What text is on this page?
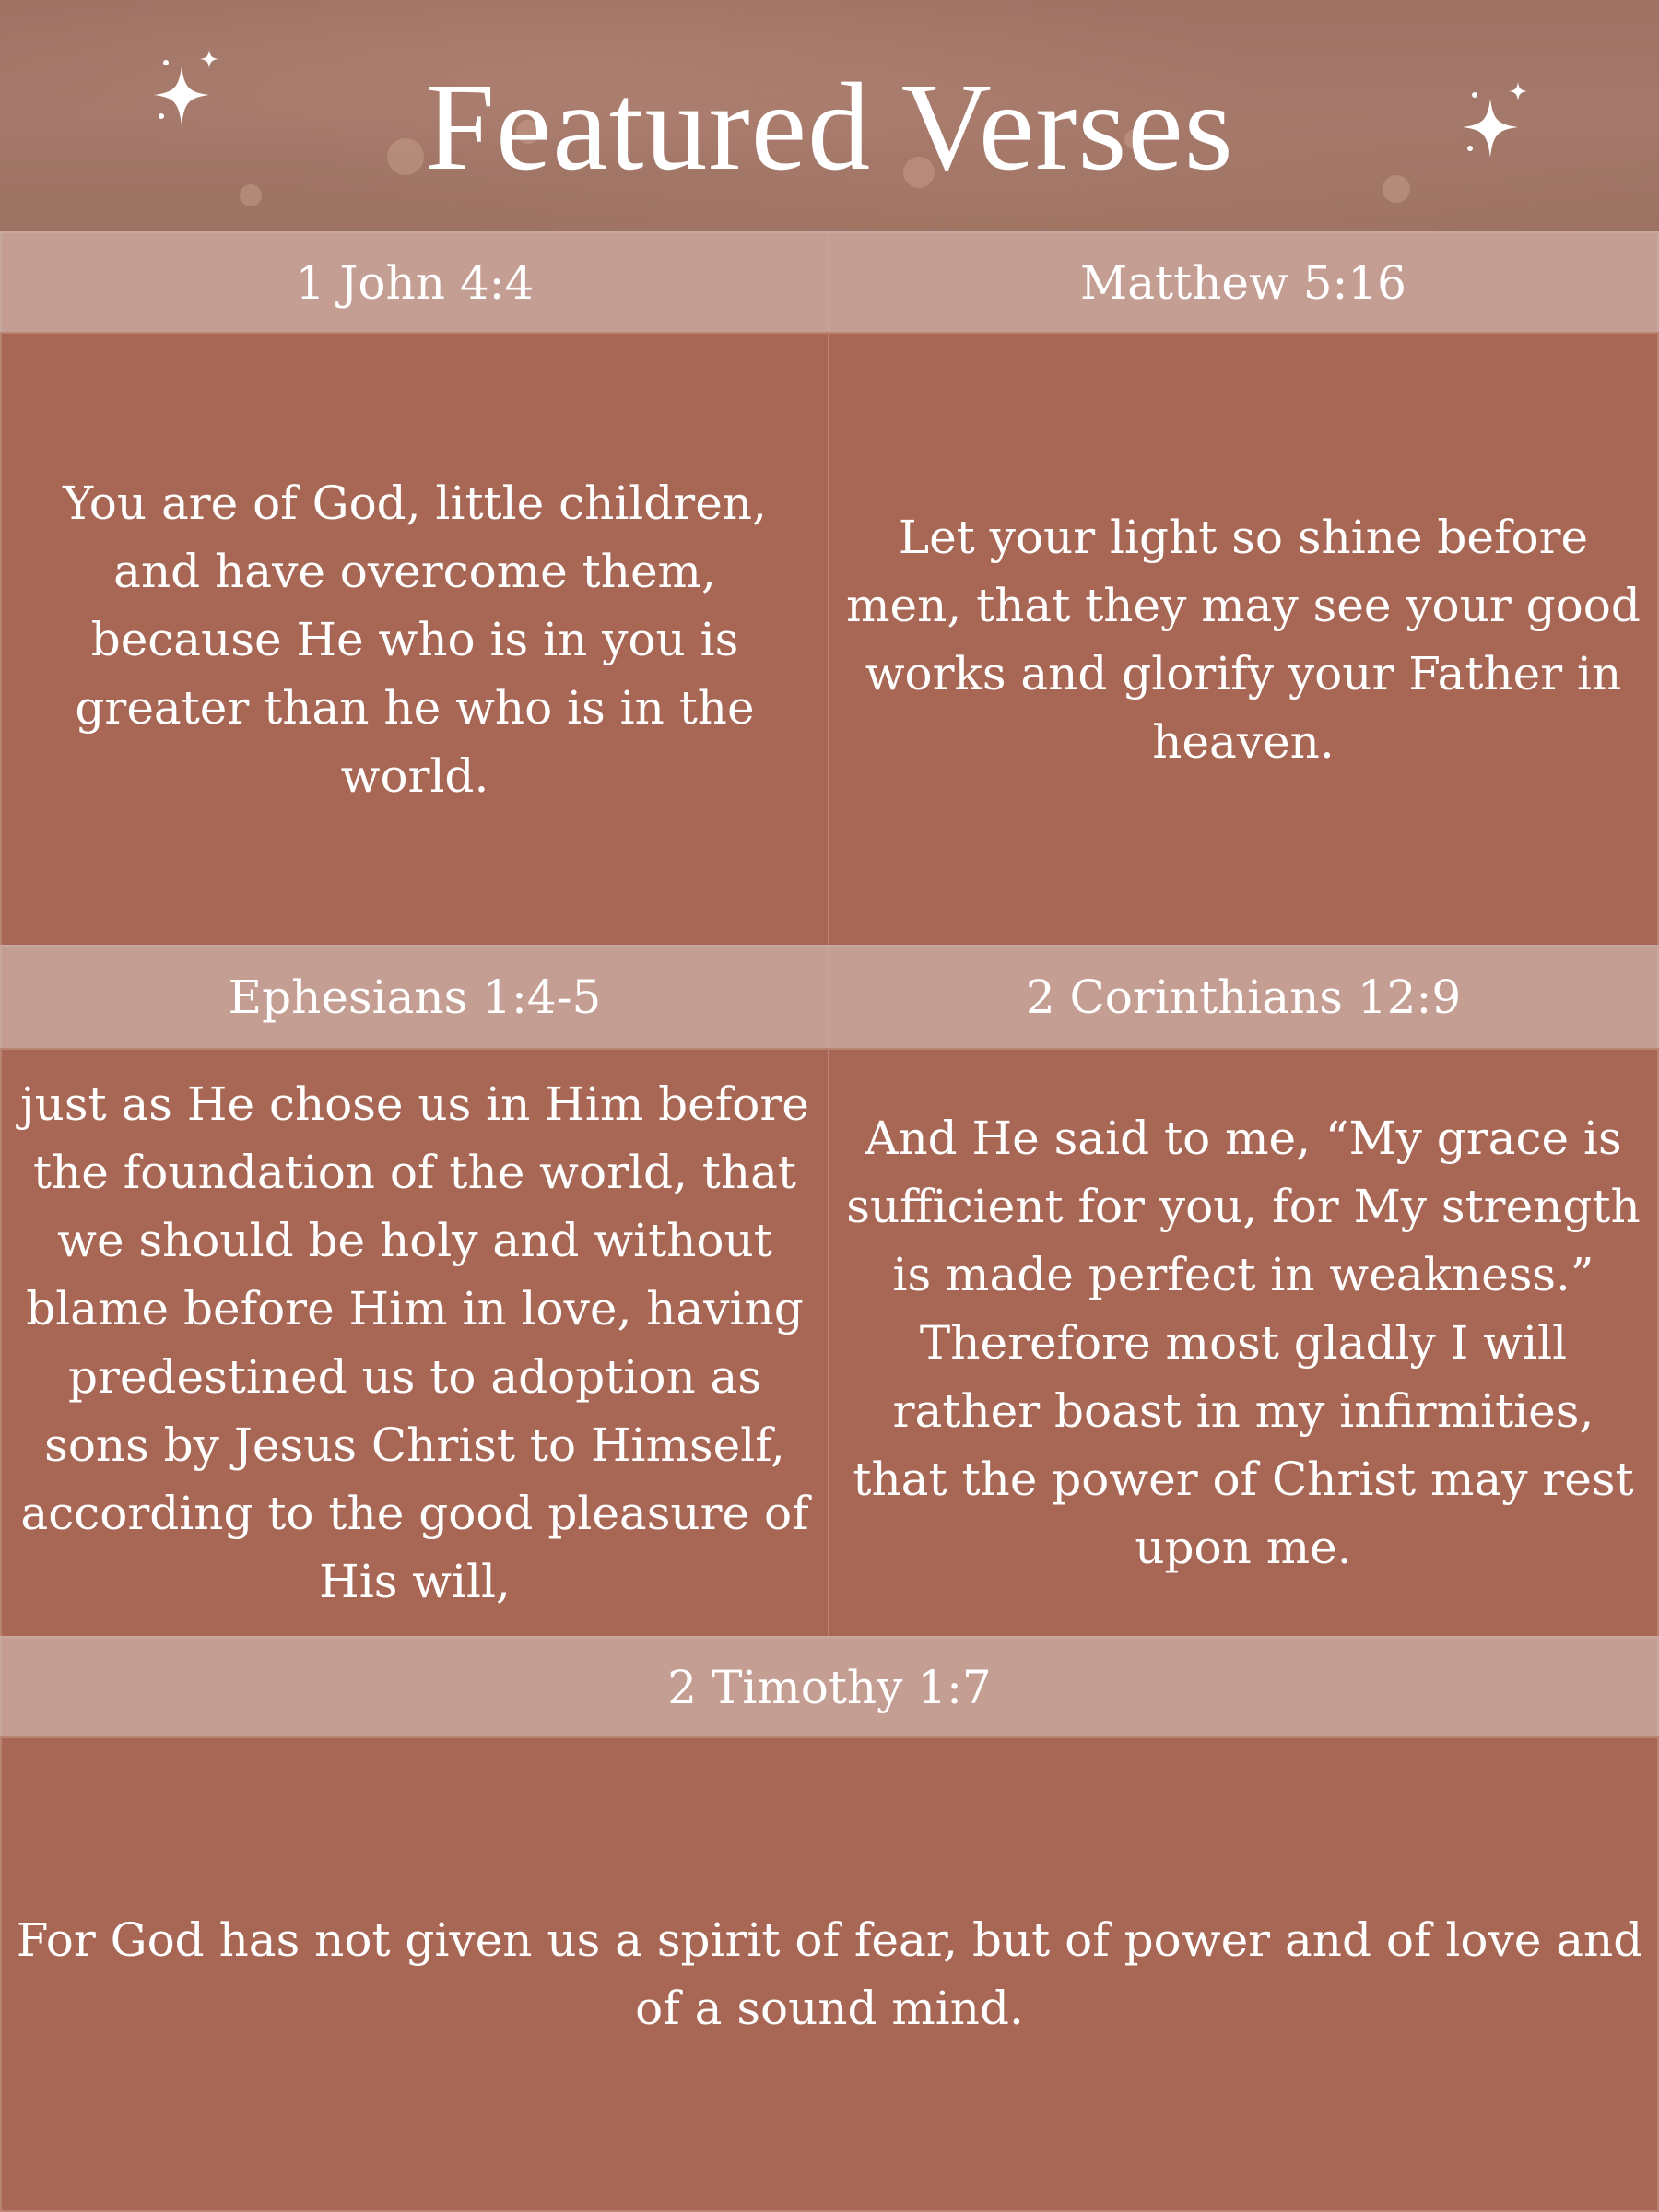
Featured Verses
1 John 4:4	Matthew 5:16
You are of God, little children, and have overcome them, because He who is in you is greater than he who is in the world.
Let your light so shine before men, that they may see your good works and glorify your Father in heaven.
Ephesians 1:4-5	2 Corinthians 12:9
just as He chose us in Him before the foundation of the world, that we should be holy and without blame before Him in love, having predestined us to adoption as sons by Jesus Christ to Himself, according to the good pleasure of His will,
And He said to me, “My grace is sufficient for you, for My strength is made perfect in weakness.” Therefore most gladly I will rather boast in my infirmities, that the power of Christ may rest upon me.
2 Timothy 1:7
For God has not given us a spirit of fear, but of power and of love and of a sound mind.
